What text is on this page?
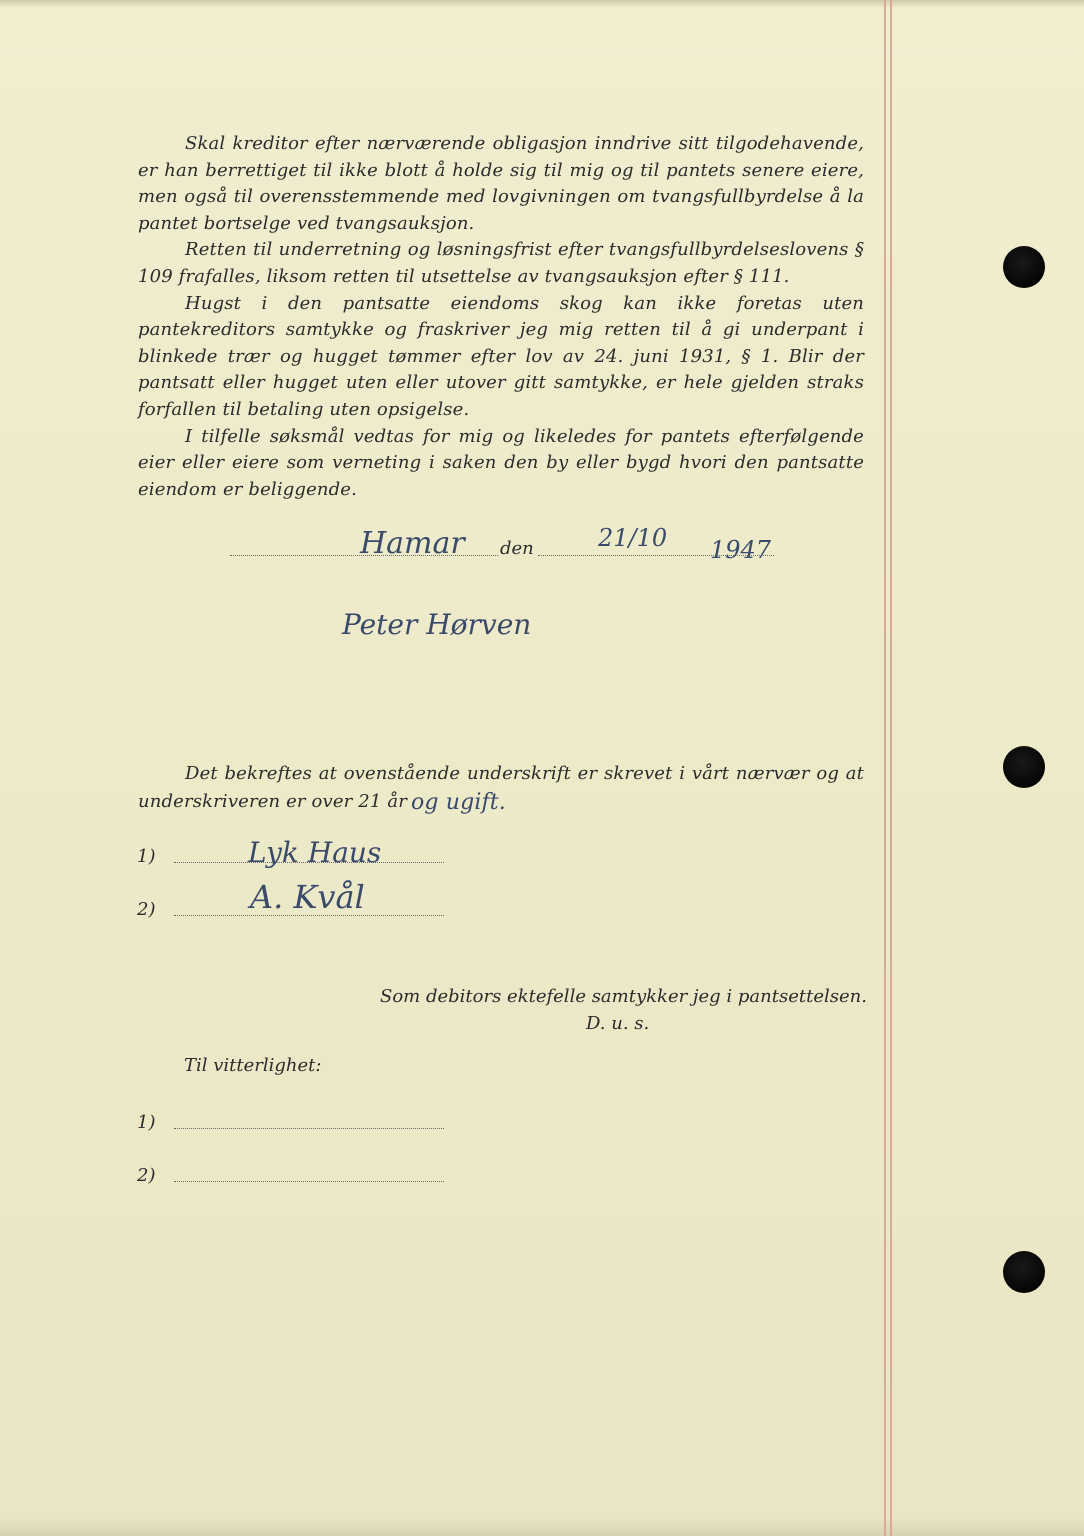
Skal kreditor efter nærværende obligasjon inndrive sitt tilgodehavende, er han berrettiget til ikke blott å holde sig til mig og til pantets senere eiere, men også til overensstemmende med lovgivningen om tvangsfullbyrdelse å la pantet bortselge ved tvangsauksjon.

Retten til underretning og løsningsfrist efter tvangsfullbyrdelseslovens § 109 frafalles, liksom retten til utsettelse av tvangsauksjon efter § 111.

Hugst i den pantsatte eiendoms skog kan ikke foretas uten pantekreditors samtykke og fraskriver jeg mig retten til å gi underpant i blinkede trær og hugget tømmer efter lov av 24. juni 1931, § 1. Blir der pantsatt eller hugget uten eller utover gitt samtykke, er hele gjelden straks forfallen til betaling uten opsigelse.

I tilfelle søksmål vedtas for mig og likeledes for pantets efterfølgende eier eller eiere som verneting i saken den by eller bygd hvori den pantsatte eiendom er beliggende.

Hamar den	21/10 1947
Peter Hørven

Det bekreftes at ovenstående underskrift er skrevet i vårt nærvær og at underskriveren er over 21 år og ugift.

1)	Lyk Haus
2)	A. Kvål
Som debitors ektefelle samtykker jeg i pantsettelsen.
D. u. s.
Til vitterlighet:
1)
2)
